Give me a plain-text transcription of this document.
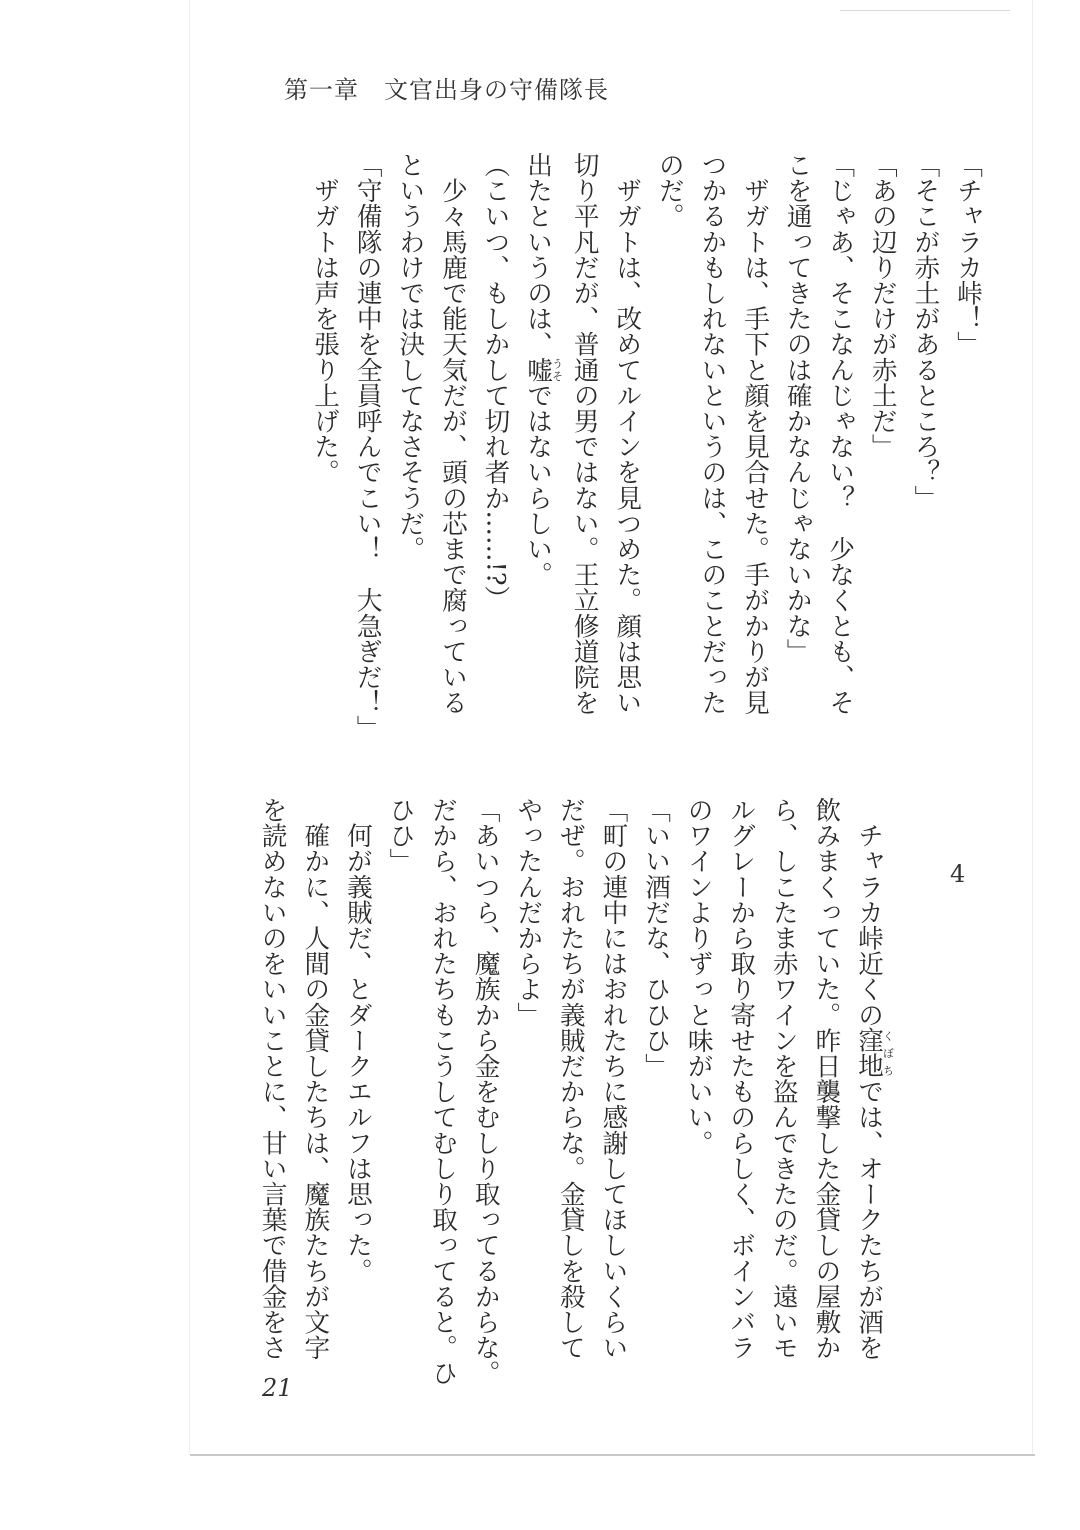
第一章　文官出身の守備隊長
「チャラカ峠！」
「そこが赤土があるところ？」
「あの辺りだけが赤土だ」
「じゃあ、そこなんじゃない？　少なくとも、そ
こを通ってきたのは確かなんじゃないかな」
　ザガトは、手下と顔を見合せた。手がかりが見
つかるかもしれないというのは、このことだった
のだ。
　ザガトは、改めてルインを見つめた。顔は思い
切り平凡だが、普通の男ではない。王立修道院を
出たというのは、嘘うそではないらしい。
（こいつ、もしかして切れ者か……!?）
　少々馬鹿で能天気だが、頭の芯まで腐っている
というわけでは決してなさそうだ。
「守備隊の連中を全員呼んでこい！　大急ぎだ！」
　ザガトは声を張り上げた。
4
　チャラカ峠近くの窪地くぼちでは、オークたちが酒を
飲みまくっていた。昨日襲撃した金貸しの屋敷か
ら、しこたま赤ワインを盗んできたのだ。遠いモ
ルグレーから取り寄せたものらしく、ボインバラ
のワインよりずっと味がいい。
「いい酒だな、ひひひ」
「町の連中にはおれたちに感謝してほしいくらい
だぜ。おれたちが義賊だからな。金貸しを殺して
やったんだからよ」
「あいつら、魔族から金をむしり取ってるからな。
だから、おれたちもこうしてむしり取ってると。ひ
ひひ」
　何が義賊だ、とダークエルフは思った。
　確かに、人間の金貸したちは、魔族たちが文字
を読めないのをいいことに、甘い言葉で借金をさ
21
